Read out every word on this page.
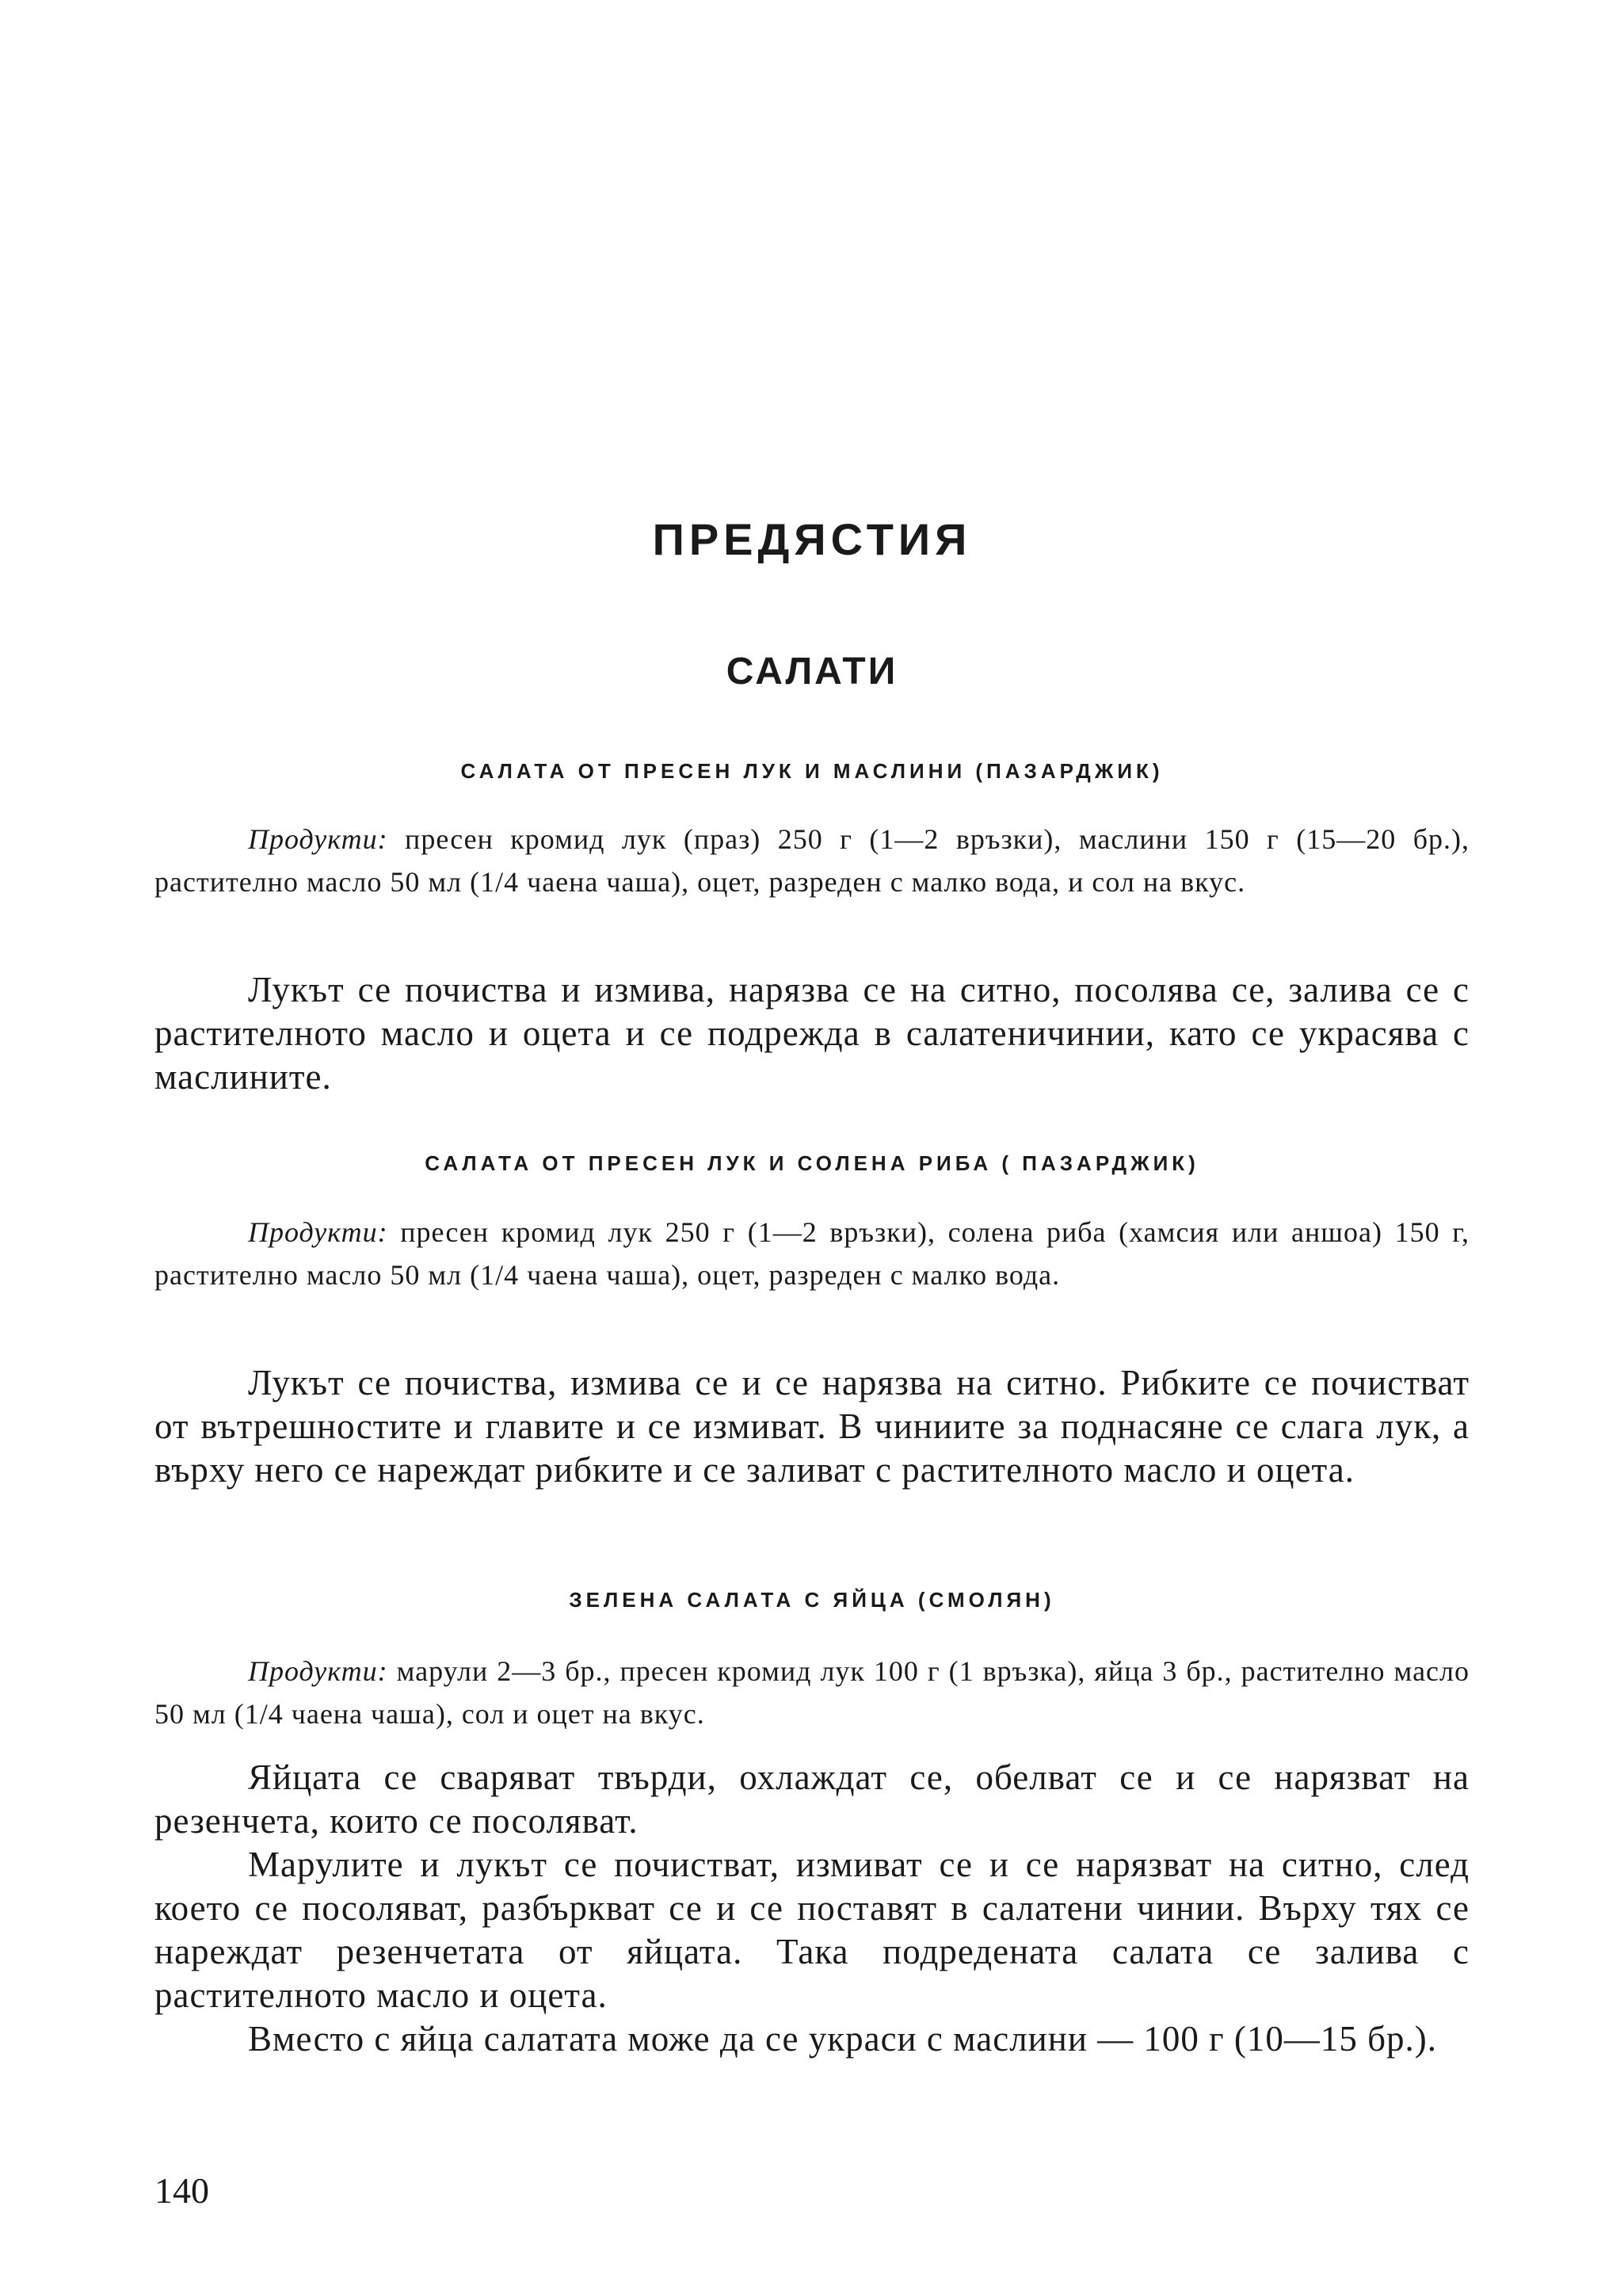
ПРЕДЯСТИЯ
САЛАТИ
САЛАТА ОТ ПРЕСЕН ЛУК И МАСЛИНИ (ПАЗАРДЖИК)

Продукти: пресен кромид лук (праз) 250 г (1—2 връзки), маслини 150 г (15—20 бр.), растително масло 50 мл (1/4 чаена чаша), оцет, разреден с малко вода, и сол на вкус.

Лукът се почиства и измива, нарязва се на ситно, посолява се, залива се с растителното масло и оцета и се подрежда в салатеничинии, като се украсява с маслините.

САЛАТА ОТ ПРЕСЕН ЛУК И СОЛЕНА РИБА ( ПАЗАРДЖИК)

Продукти: пресен кромид лук 250 г (1—2 връзки), солена риба (хамсия или аншоа) 150 г, растително масло 50 мл (1/4 чаена чаша), оцет, разреден с малко вода.

Лукът се почиства, измива се и се нарязва на ситно. Рибките се почистват от вътрешностите и главите и се измиват. В чиниите за поднасяне се слага лук, а върху него се нареждат рибките и се заливат с растителното масло и оцета.

ЗЕЛЕНА САЛАТА С ЯЙЦА (СМОЛЯН)

Продукти: марули 2—3 бр., пресен кромид лук 100 г (1 връзка), яйца 3 бр., растително масло 50 мл (1/4 чаена чаша), сол и оцет на вкус.

Яйцата се сваряват твърди, охлаждат се, обелват се и се нарязват на резенчета, които се посоляват.

Марулите и лукът се почистват, измиват се и се нарязват на ситно, след което се посоляват, разбъркват се и се поставят в салатени чинии. Върху тях се нареждат резенчетата от яйцата. Така подредената салата се залива с растителното масло и оцета.

Вместо с яйца салатата може да се украси с маслини — 100 г (10—15 бр.).

140
